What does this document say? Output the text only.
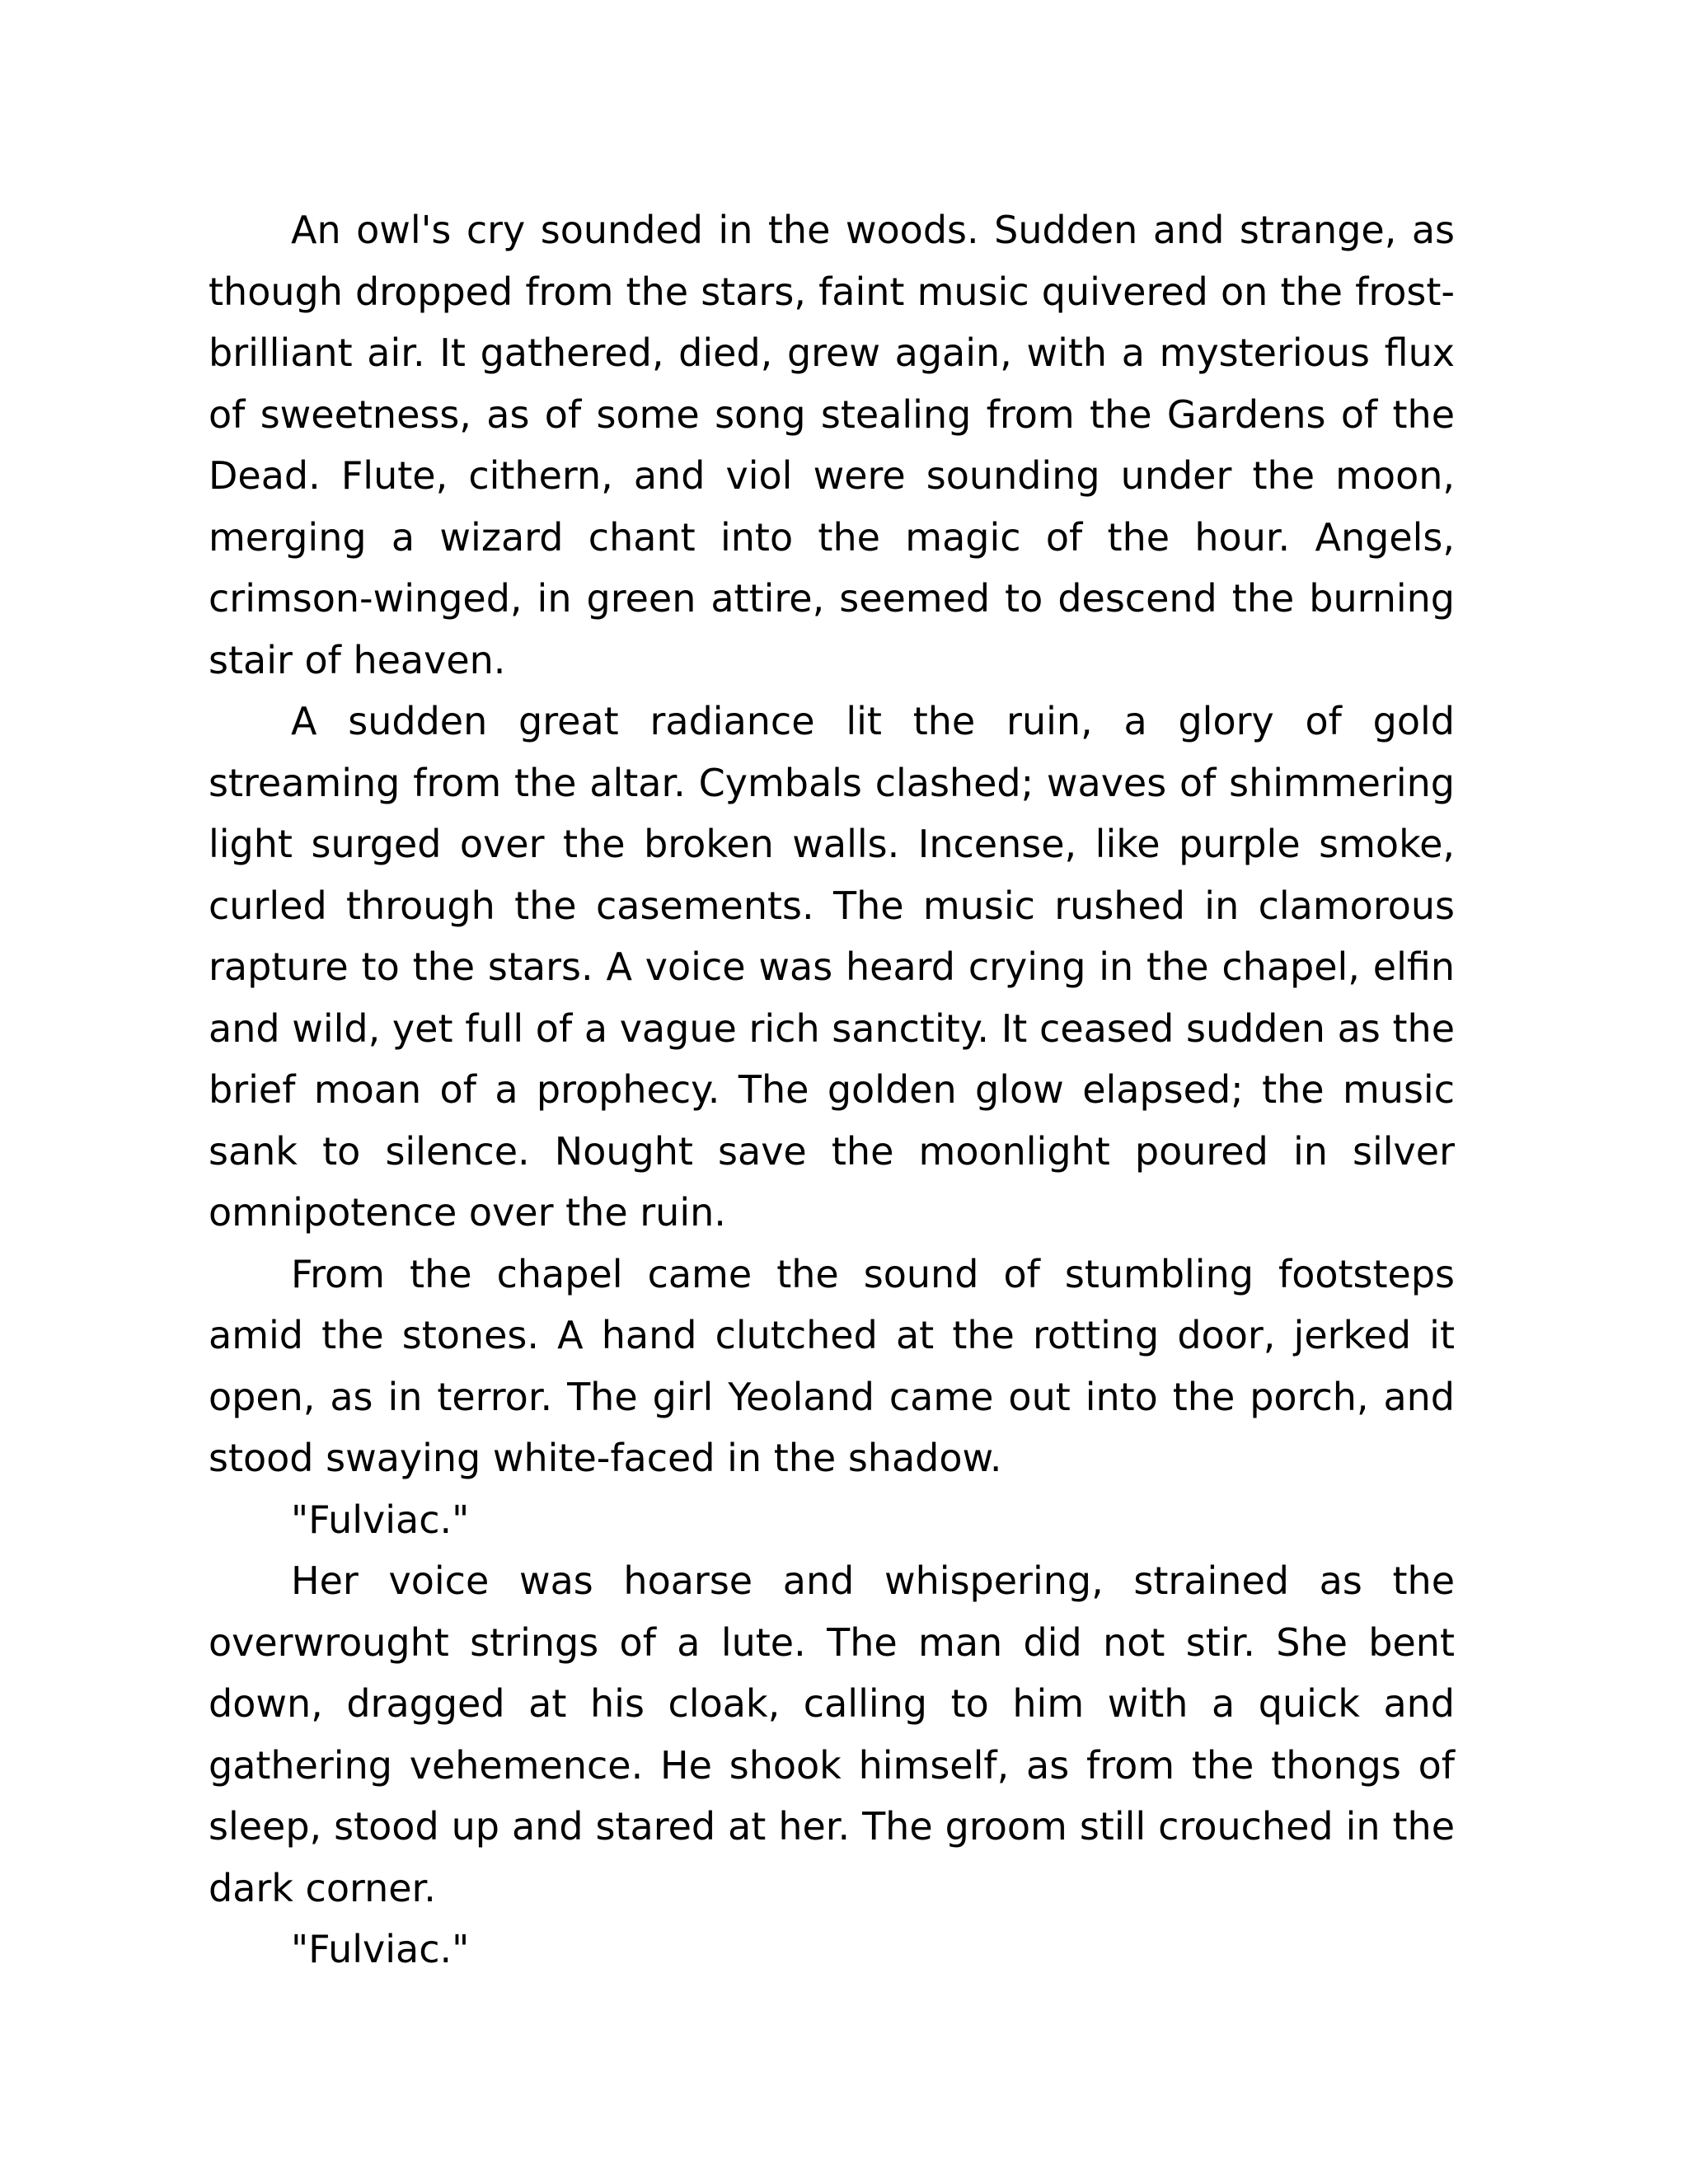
An owl's cry sounded in the woods. Sudden and strange, as though dropped from the stars, faint music quivered on the frost-brilliant air. It gathered, died, grew again, with a mysterious flux of sweetness, as of some song stealing from the Gardens of the Dead. Flute, cithern, and viol were sounding under the moon, merging a wizard chant into the magic of the hour. Angels, crimson-winged, in green attire, seemed to descend the burning stair of heaven.

A sudden great radiance lit the ruin, a glory of gold streaming from the altar. Cymbals clashed; waves of shimmering light surged over the broken walls. Incense, like purple smoke, curled through the casements. The music rushed in clamorous rapture to the stars. A voice was heard crying in the chapel, elfin and wild, yet full of a vague rich sanctity. It ceased sudden as the brief moan of a prophecy. The golden glow elapsed; the music sank to silence. Nought save the moonlight poured in silver omnipotence over the ruin.

From the chapel came the sound of stumbling footsteps amid the stones. A hand clutched at the rotting door, jerked it open, as in terror. The girl Yeoland came out into the porch, and stood swaying white-faced in the shadow.

"Fulviac."

Her voice was hoarse and whispering, strained as the overwrought strings of a lute. The man did not stir. She bent down, dragged at his cloak, calling to him with a quick and gathering vehemence. He shook himself, as from the thongs of sleep, stood up and stared at her. The groom still crouched in the dark corner.

"Fulviac."
